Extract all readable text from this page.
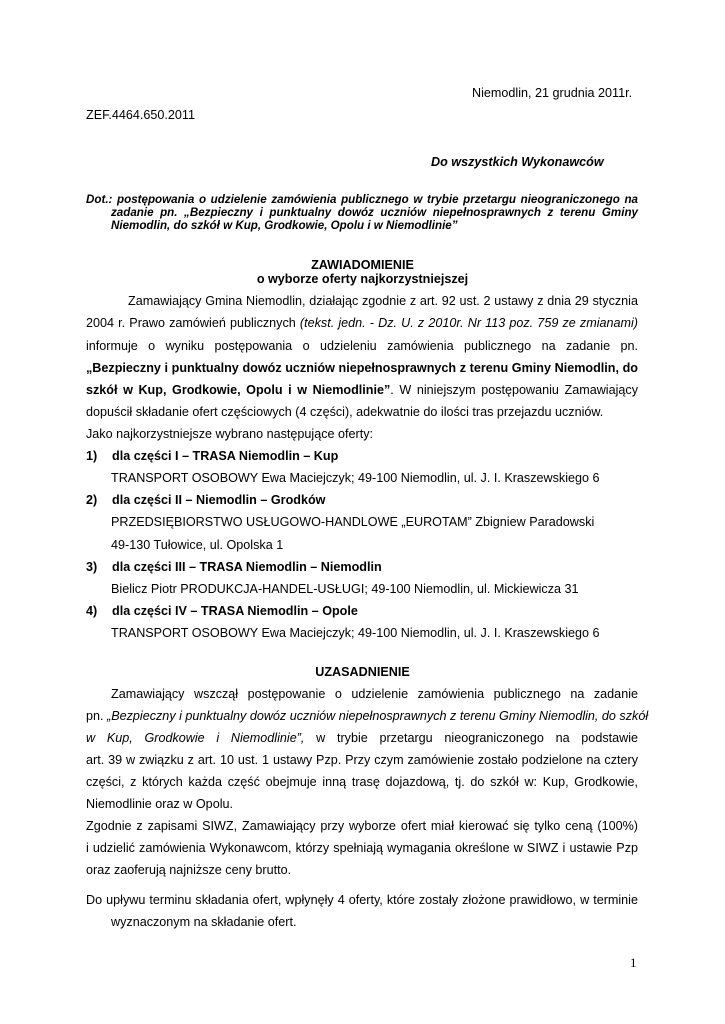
Niemodlin, 21 grudnia 2011r.
ZEF.4464.650.2011
Do wszystkich Wykonawców
Dot.: postępowania o udzielenie zamówienia publicznego w trybie przetargu nieograniczonego na
zadanie pn. „Bezpieczny i punktualny dowóz uczniów niepełnosprawnych z terenu Gminy
Niemodlin, do szkół w Kup, Grodkowie, Opolu i w Niemodlinie”
ZAWIADOMIENIE
o wyborze oferty najkorzystniejszej
Zamawiający Gmina Niemodlin, działając zgodnie z art. 92 ust. 2 ustawy z dnia 29 stycznia
2004 r. Prawo zamówień publicznych (tekst. jedn. - Dz. U. z 2010r. Nr 113 poz. 759 ze zmianami)
informuje o wyniku postępowania o udzieleniu zamówienia publicznego na zadanie pn.
„Bezpieczny i punktualny dowóz uczniów niepełnosprawnych z terenu Gminy Niemodlin, do
szkół w Kup, Grodkowie, Opolu i w Niemodlinie”. W niniejszym postępowaniu Zamawiający
dopuścił składanie ofert częściowych (4 części), adekwatnie do ilości tras przejazdu uczniów.
Jako najkorzystniejsze wybrano następujące oferty:
1) dla części I – TRASA Niemodlin – Kup
TRANSPORT OSOBOWY Ewa Maciejczyk; 49-100 Niemodlin, ul. J. I. Kraszewskiego 6
2) dla części II – Niemodlin – Grodków
PRZEDSIĘBIORSTWO USŁUGOWO-HANDLOWE „EUROTAM” Zbigniew Paradowski
49-130 Tułowice, ul. Opolska 1
3) dla części III – TRASA Niemodlin – Niemodlin
Bielicz Piotr PRODUKCJA-HANDEL-USŁUGI; 49-100 Niemodlin, ul. Mickiewicza 31
4) dla części IV – TRASA Niemodlin – Opole
TRANSPORT OSOBOWY Ewa Maciejczyk; 49-100 Niemodlin, ul. J. I. Kraszewskiego 6
UZASADNIENIE
Zamawiający wszczął postępowanie o udzielenie zamówienia publicznego na zadanie
pn. „Bezpieczny i punktualny dowóz uczniów niepełnosprawnych z terenu Gminy Niemodlin, do szkół
w Kup, Grodkowie i Niemodlinie”, w trybie przetargu nieograniczonego na podstawie
art. 39 w związku z art. 10 ust. 1 ustawy Pzp. Przy czym zamówienie zostało podzielone na cztery
części, z których każda część obejmuje inną trasę dojazdową, tj. do szkół w: Kup, Grodkowie,
Niemodlinie oraz w Opolu.
Zgodnie z zapisami SIWZ, Zamawiający przy wyborze ofert miał kierować się tylko ceną (100%)
i udzielić zamówienia Wykonawcom, którzy spełniają wymagania określone w SIWZ i ustawie Pzp
oraz zaoferują najniższe ceny brutto.
Do upływu terminu składania ofert, wpłynęły 4 oferty, które zostały złożone prawidłowo, w terminie
wyznaczonym na składanie ofert.
1
